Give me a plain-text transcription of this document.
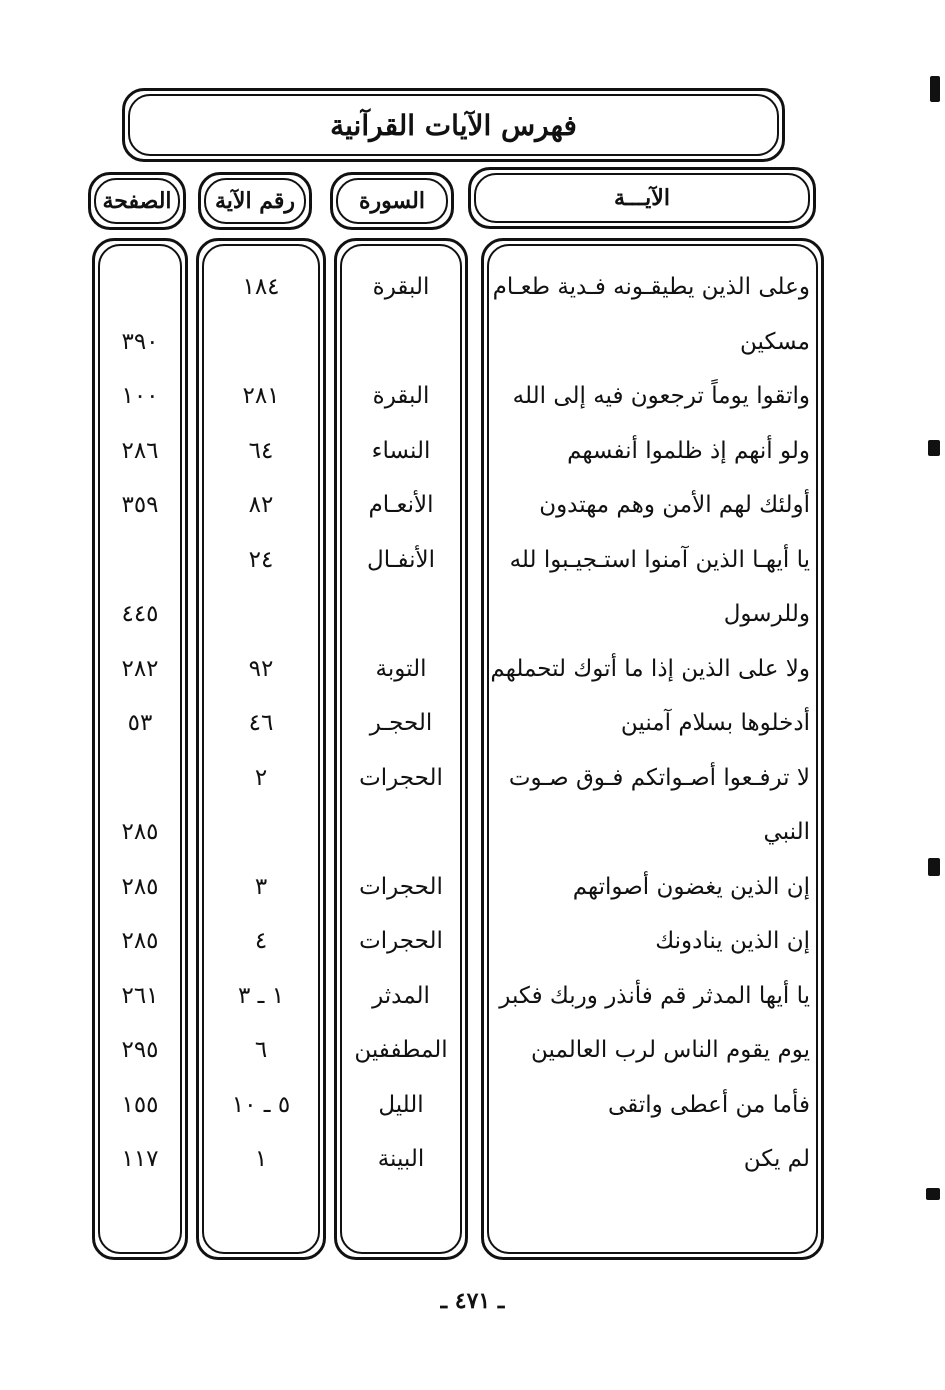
فهرس الآيات القرآنية
الآيـــة
السورة
رقم الآية
الصفحة
وعلى الذين يطيقـونه فـدية طعـام
البقرة
١٨٤
مسكين
٣٩٠
واتقوا يوماً ترجعون فيه إلى الله
البقرة
٢٨١
١٠٠
ولو أنهم إذ ظلموا أنفسهم
النساء
٦٤
٢٨٦
أولئك لهم الأمن وهم مهتدون
الأنعـام
٨٢
٣٥٩
يا أيهـا الذين آمنوا استـجيـبوا لله
الأنفـال
٢٤
وللرسول
٤٤٥
ولا على الذين إذا ما أتوك لتحملهم
التوبة
٩٢
٢٨٢
أدخلوها بسلام آمنين
الحجـر
٤٦
٥٣
لا ترفـعوا أصـواتكم فـوق صـوت
الحجرات
٢
النبي
٢٨٥
إن الذين يغضون أصواتهم
الحجرات
٣
٢٨٥
إن الذين ينادونك
الحجرات
٤
٢٨٥
يا أيها المدثر قم فأنذر وربك فكبر
المدثر
١ ـ ٣
٢٦١
يوم يقوم الناس لرب العالمين
المطففين
٦
٢٩٥
فأما من أعطى واتقى
الليل
٥ ـ ١٠
١٥٥
لم يكن
البينة
١
١١٧
ـ ٤٧١ ـ
